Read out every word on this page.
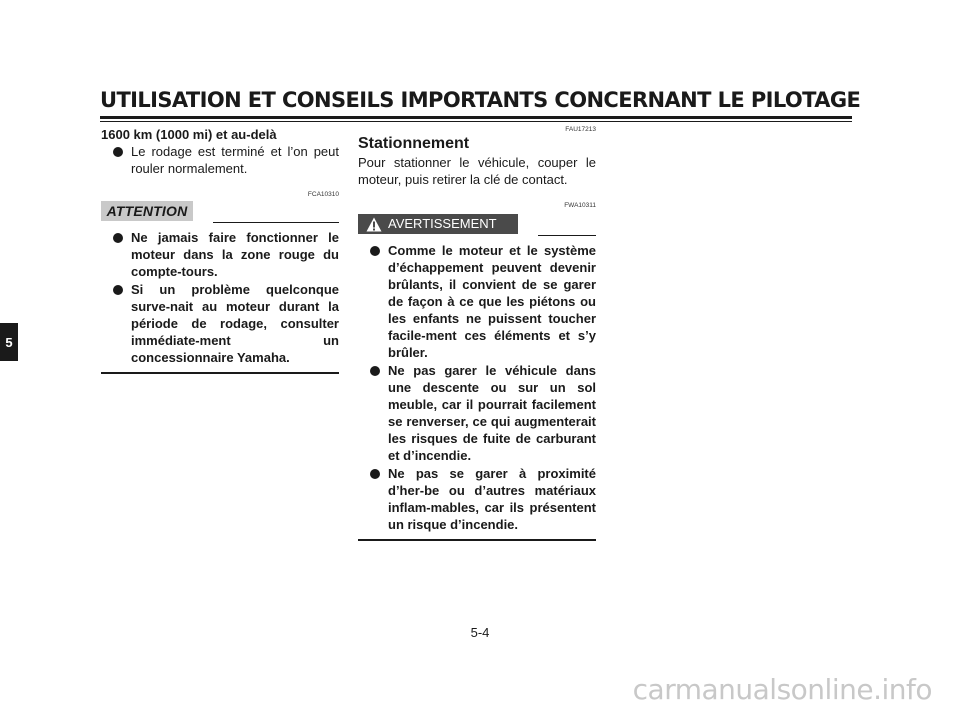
UTILISATION ET CONSEILS IMPORTANTS CONCERNANT LE PILOTAGE
5

1600 km (1000 mi) et au-delà

Le rodage est terminé et l’on peut rouler normalement.
FCA10310
ATTENTION
Ne jamais faire fonctionner le moteur dans la zone rouge du compte-tours.
Si un problème quelconque surve-nait au moteur durant la période de rodage, consulter immédiate-ment un concessionnaire Yamaha.
FAU17213
Stationnement

Pour stationner le véhicule, couper le moteur, puis retirer la clé de contact.

FWA10311
AVERTISSEMENT
Comme le moteur et le système d’échappement peuvent devenir brûlants, il convient de se garer de façon à ce que les piétons ou les enfants ne puissent toucher facile-ment ces éléments et s’y brûler.
Ne pas garer le véhicule dans une descente ou sur un sol meuble, car il pourrait facilement se renverser, ce qui augmenterait les risques de fuite de carburant et d’incendie.
Ne pas se garer à proximité d’her-be ou d’autres matériaux inflam-mables, car ils présentent un risque d’incendie.
5-4
carmanualsonline.info
